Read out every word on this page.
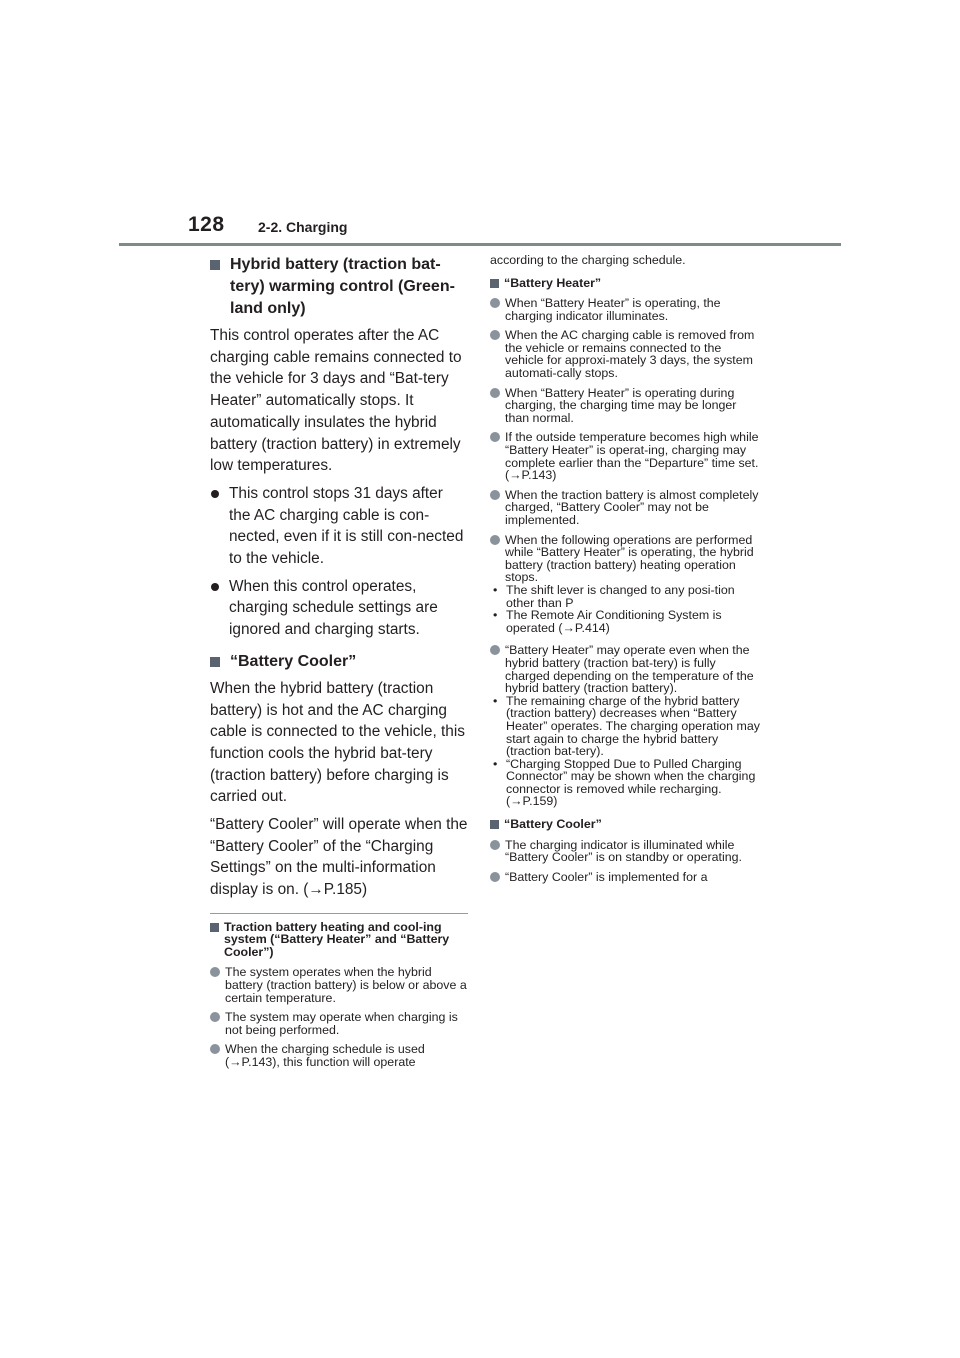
128 2-2. Charging
Hybrid battery (traction bat-tery) warming control (Green-land only)

This control operates after the AC charging cable remains connected to the vehicle for 3 days and “Bat-tery Heater” automatically stops. It automatically insulates the hybrid battery (traction battery) in extremely low temperatures.

This control stops 31 days after the AC charging cable is con-nected, even if it is still con-nected to the vehicle.
When this control operates, charging schedule settings are ignored and charging starts.
“Battery Cooler”

When the hybrid battery (traction battery) is hot and the AC charging cable is connected to the vehicle, this function cools the hybrid bat-tery (traction battery) before charging is carried out.

“Battery Cooler” will operate when the “Battery Cooler” of the “Charging Settings” on the multi-information display is on. (→P.185)

Traction battery heating and cool-ing system (“Battery Heater” and “Battery Cooler”)
The system operates when the hybrid battery (traction battery) is below or above a certain temperature.
The system may operate when charging is not being performed.
When the charging schedule is used (→P.143), this function will operate

according to the charging schedule.

“Battery Heater”
When “Battery Heater” is operating, the charging indicator illuminates.
When the AC charging cable is removed from the vehicle or remains connected to the vehicle for approxi-mately 3 days, the system automati-cally stops.
When “Battery Heater” is operating during charging, the charging time may be longer than normal.
If the outside temperature becomes high while “Battery Heater” is operat-ing, charging may complete earlier than the “Departure” time set. (→P.143)
When the traction battery is almost completely charged, “Battery Cooler” may not be implemented.
When the following operations are performed while “Battery Heater” is operating, the hybrid battery (traction battery) heating operation stops.
• The shift lever is changed to any posi-tion other than P
• The Remote Air Conditioning System is operated (→P.414)
“Battery Heater” may operate even when the hybrid battery (traction bat-tery) is fully charged depending on the temperature of the hybrid battery (traction battery).
• The remaining charge of the hybrid battery (traction battery) decreases when “Battery Heater” operates. The charging operation may start again to charge the hybrid battery (traction bat-tery).
• “Charging Stopped Due to Pulled Charging Connector” may be shown when the charging connector is removed while recharging. (→P.159)
“Battery Cooler”
The charging indicator is illuminated while “Battery Cooler” is on standby or operating.
“Battery Cooler” is implemented for a
